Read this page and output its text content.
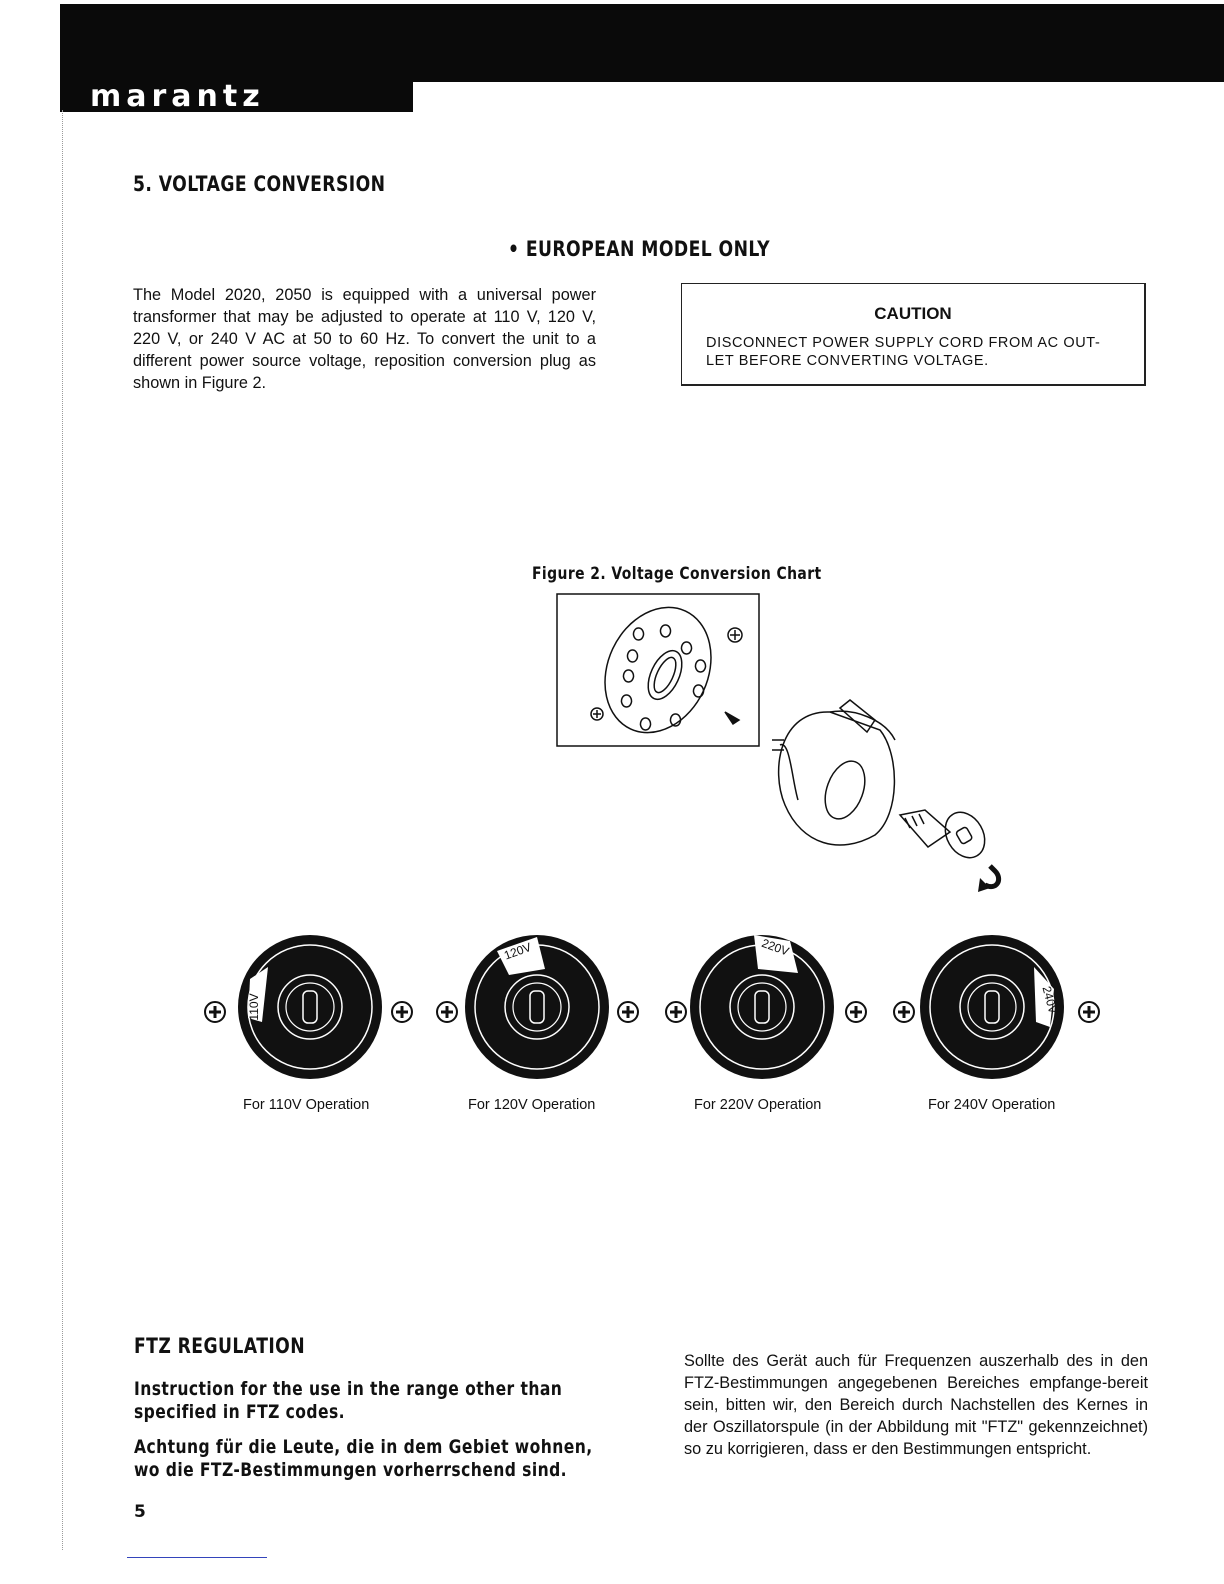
marantz
5. VOLTAGE CONVERSION
• EUROPEAN MODEL ONLY
The Model 2020, 2050 is equipped with a universal power transformer that may be adjusted to operate at 110 V, 120 V, 220 V, or 240 V AC at 50 to 60 Hz. To convert the unit to a different power source voltage, reposition conversion plug as shown in Figure 2.
CAUTION
DISCONNECT POWER SUPPLY CORD FROM AC OUT-LET BEFORE CONVERTING VOLTAGE.
Figure 2. Voltage Conversion Chart
110V
120V	220V
240V
For 110V Operation	For 120V Operation	For 220V Operation	For 240V Operation
FTZ REGULATION
Instruction for the use in the range other than specified in FTZ codes.
Achtung für die Leute, die in dem Gebiet wohnen, wo die FTZ-Bestimmungen vorherrschend sind.
Sollte des Gerät auch für Frequenzen auszerhalb des in den FTZ-Bestimmungen angegebenen Bereiches empfange-bereit sein, bitten wir, den Bereich durch Nachstellen des Kernes in der Oszillatorspule (in der Abbildung mit "FTZ" gekennzeichnet) so zu korrigieren, dass er den Bestimmungen entspricht.
5
